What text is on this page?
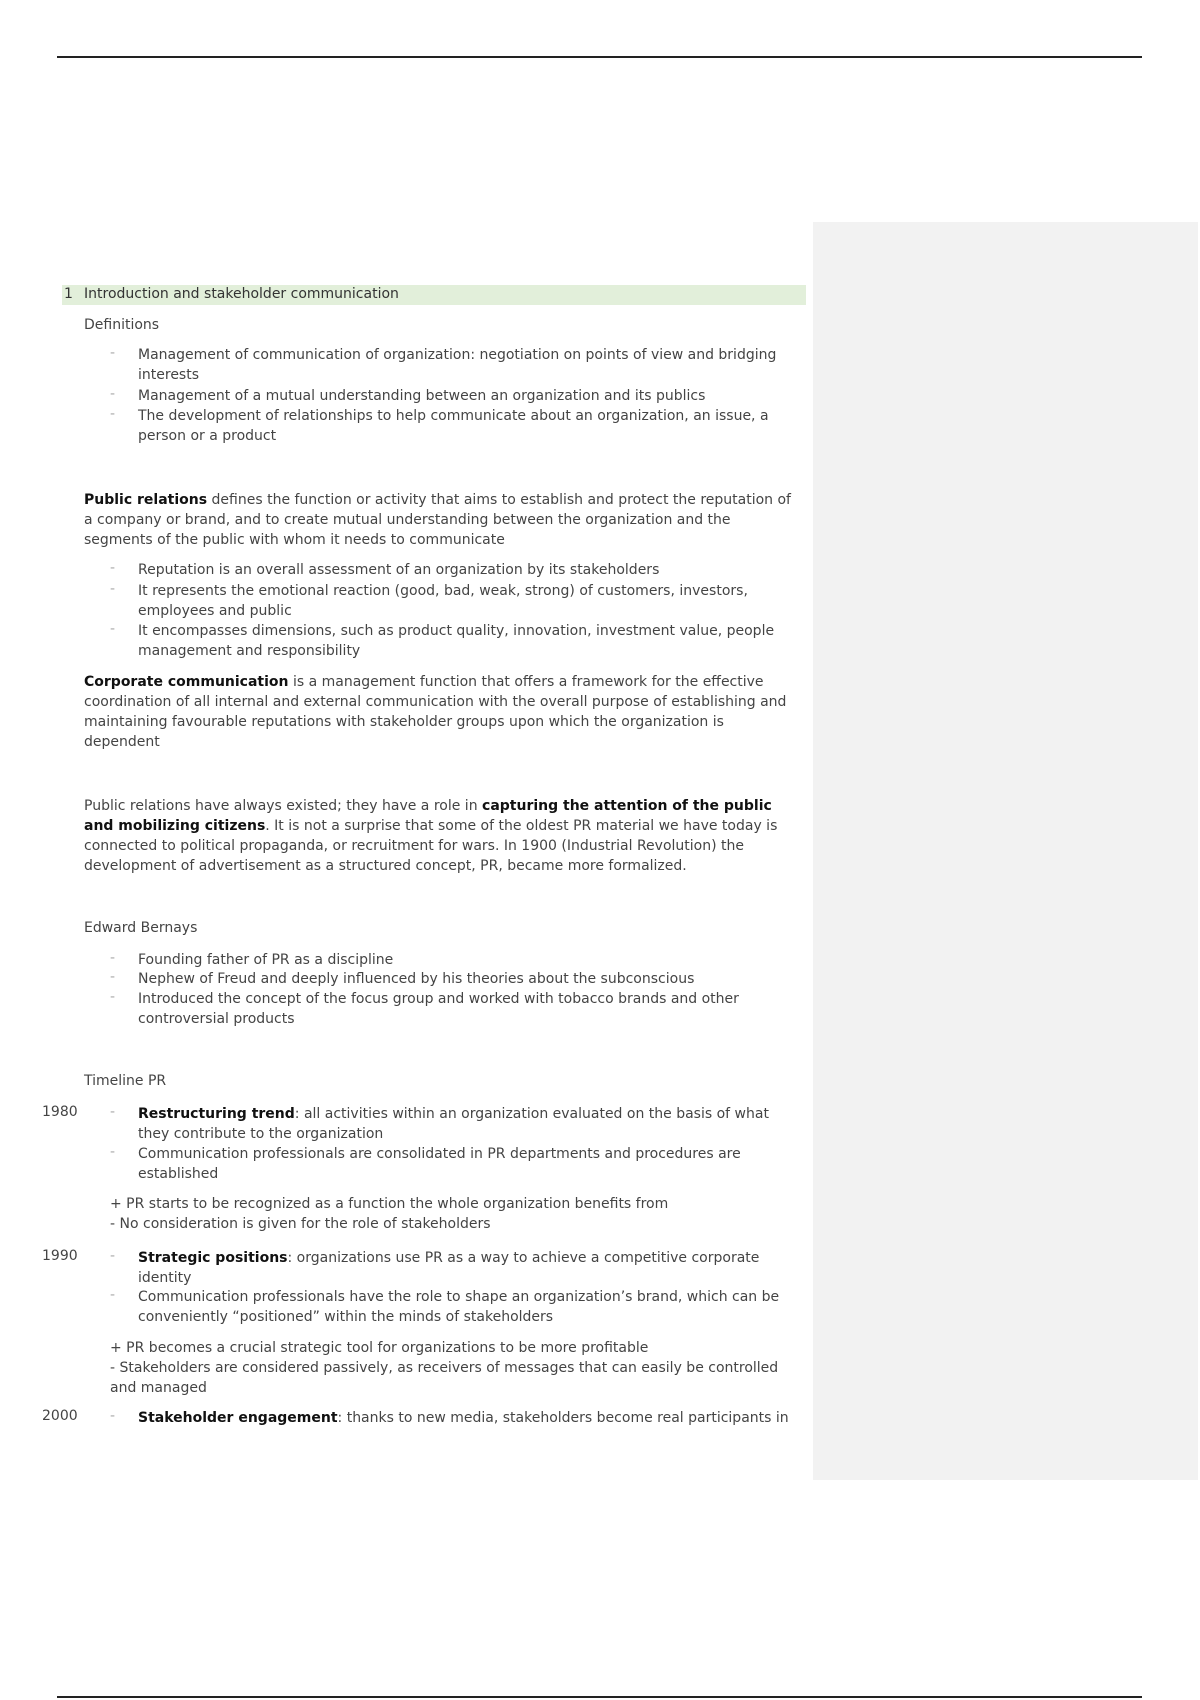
1 Introduction and stakeholder communication
Definitions
- Management of communication of organization: negotiation on points of view and bridging interests
- Management of a mutual understanding between an organization and its publics
- The development of relationships to help communicate about an organization, an issue, a person or a product
Public relations defines the function or activity that aims to establish and protect the reputation of a company or brand, and to create mutual understanding between the organization and the segments of the public with whom it needs to communicate
- Reputation is an overall assessment of an organization by its stakeholders
- It represents the emotional reaction (good, bad, weak, strong) of customers, investors, employees and public
- It encompasses dimensions, such as product quality, innovation, investment value, people management and responsibility
Corporate communication is a management function that offers a framework for the effective coordination of all internal and external communication with the overall purpose of establishing and maintaining favourable reputations with stakeholder groups upon which the organization is dependent
Public relations have always existed; they have a role in capturing the attention of the public and mobilizing citizens. It is not a surprise that some of the oldest PR material we have today is connected to political propaganda, or recruitment for wars. In 1900 (Industrial Revolution) the development of advertisement as a structured concept, PR, became more formalized.
Edward Bernays
- Founding father of PR as a discipline
- Nephew of Freud and deeply influenced by his theories about the subconscious
- Introduced the concept of the focus group and worked with tobacco brands and other controversial products
Timeline PR
1980 - Restructuring trend: all activities within an organization evaluated on the basis of what they contribute to the organization
- Communication professionals are consolidated in PR departments and procedures are established
+ PR starts to be recognized as a function the whole organization benefits from
- No consideration is given for the role of stakeholders
1990 - Strategic positions: organizations use PR as a way to achieve a competitive corporate identity
- Communication professionals have the role to shape an organization’s brand, which can be conveniently “positioned” within the minds of stakeholders
+ PR becomes a crucial strategic tool for organizations to be more profitable
- Stakeholders are considered passively, as receivers of messages that can easily be controlled and managed
2000 - Stakeholder engagement: thanks to new media, stakeholders become real participants in
